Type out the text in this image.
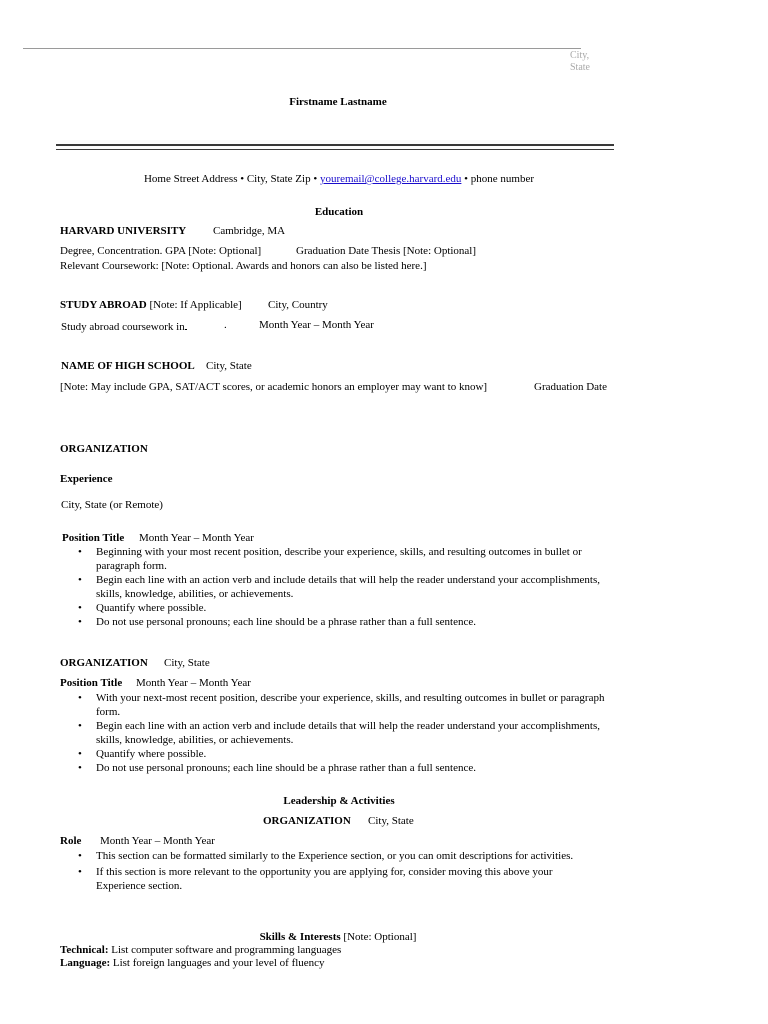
City,
State
Firstname Lastname
Home Street Address • City, State Zip • youremail@college.harvard.edu • phone number
Education
HARVARD UNIVERSITY Cambridge, MA
Degree, Concentration. GPA [Note: Optional]	Graduation Date Thesis [Note: Optional]
Relevant Coursework: [Note: Optional. Awards and honors can also be listed here.]
STUDY ABROAD [Note: If Applicable] City, Country
Study abroad coursework in	.	Month Year – Month Year
NAME OF HIGH SCHOOL City, State
[Note: May include GPA, SAT/ACT scores, or academic honors an employer may want to know]	Graduation Date
ORGANIZATION
Experience
City, State (or Remote)
Position Title Month Year – Month Year
• Beginning with your most recent position, describe your experience, skills, and resulting outcomes in bullet or paragraph form.
• Begin each line with an action verb and include details that will help the reader understand your accomplishments, skills, knowledge, abilities, or achievements.
• Quantify where possible.
• Do not use personal pronouns; each line should be a phrase rather than a full sentence.
ORGANIZATION City, State
Position Title Month Year – Month Year
• With your next-most recent position, describe your experience, skills, and resulting outcomes in bullet or paragraph form.
• Begin each line with an action verb and include details that will help the reader understand your accomplishments, skills, knowledge, abilities, or achievements.
• Quantify where possible.
• Do not use personal pronouns; each line should be a phrase rather than a full sentence.
Leadership & Activities
ORGANIZATION City, State
Role Month Year – Month Year
• This section can be formatted similarly to the Experience section, or you can omit descriptions for activities.
• If this section is more relevant to the opportunity you are applying for, consider moving this above your Experience section.
Skills & Interests [Note: Optional]
Technical: List computer software and programming languages
Language: List foreign languages and your level of fluency
